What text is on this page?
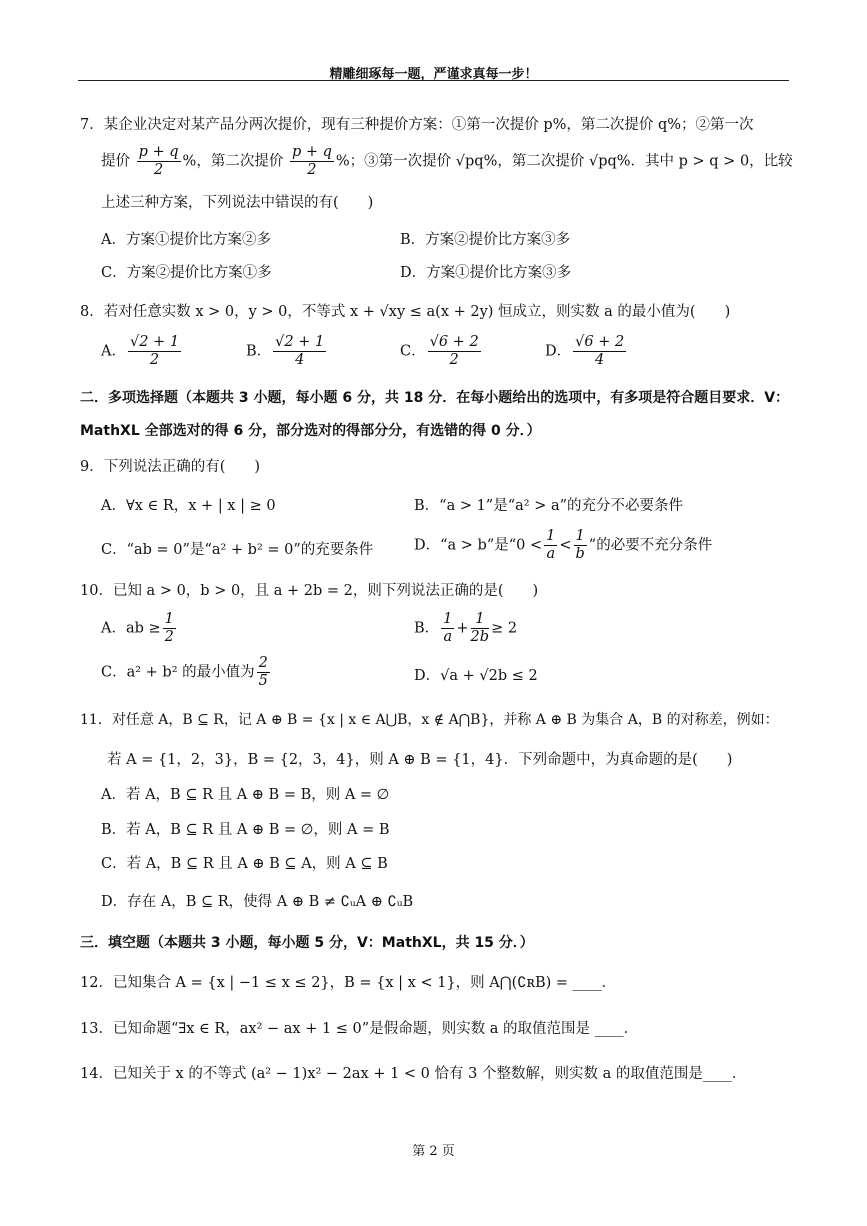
精雕细琢每一题，严谨求真每一步！
7．某企业决定对某产品分两次提价，现有三种提价方案：①第一次提价 p%，第二次提价 q%；②第一次
提价 $\frac{p + q}{2}$ %，第二次提价 $\frac{p + q}{2}$ %；③第一次提价 √pq%，第二次提价 √pq%．其中 p > q > 0，比较
上述三种方案，下列说法中错误的有(　　)
A．方案①提价比方案②多	B．方案②提价比方案③多
C．方案②提价比方案①多	D．方案①提价比方案③多
8．若对任意实数 x > 0，y > 0，不等式 x + √xy ≤ a(x + 2y) 恒成立，则实数 a 的最小值为(　　)
A． $\frac{√2 + 1}{2}$	B． $\frac{√2 + 1}{4}$	C． $\frac{√6 + 2}{2}$	D． $\frac{√6 + 2}{4}$
二．多项选择题（本题共 3 小题，每小题 6 分，共 18 分．在每小题给出的选项中，有多项是符合题目要求．V：
MathXL 全部选对的得 6 分，部分选对的得部分分，有选错的得 0 分．）
9．下列说法正确的有(　　)
A．∀x ∈ R，x + | x | ≥ 0	B．“a > 1”是“a² > a”的充分不必要条件
C．“ab = 0”是“a² + b² = 0”的充要条件	D．“a > b”是“$0 < \frac{1}{a} < \frac{1}{b}$ ”的必要不充分条件
10．已知 a > 0，b > 0，且 a + 2b = 2，则下列说法正确的是(　　)
A．ab ≥ $\frac{1}{2}$	B． $\frac{1}{a} + \frac{1}{2b} \ge 2$
C．a² + b² 的最小值为 $\frac{2}{5}$	D．√a + √2b ≤ 2
11．对任意 A，B ⊆ R，记 A ⊕ B = {x | x ∈ A⋃B，x ∉ A⋂B}，并称 A ⊕ B 为集合 A，B 的对称差，例如：
若 A = {1，2，3}，B = {2，3，4}，则 A ⊕ B = {1，4}．下列命题中，为真命题的是(　　)
A．若 A，B ⊆ R 且 A ⊕ B = B，则 A = ∅
B．若 A，B ⊆ R 且 A ⊕ B = ∅，则 A = B
C．若 A，B ⊆ R 且 A ⊕ B ⊆ A，则 A ⊆ B
D．存在 A，B ⊆ R，使得 A ⊕ B ≠ ∁ᵤA ⊕ ∁ᵤB
三．填空题（本题共 3 小题，每小题 5 分，V：MathXL，共 15 分．）
12．已知集合 A = {x | −1 ≤ x ≤ 2}，B = {x | x < 1}，则 A⋂(∁ʀB) = ____．
13．已知命题“∃x ∈ R，ax² − ax + 1 ≤ 0”是假命题，则实数 a 的取值范围是 ____．
14．已知关于 x 的不等式 (a² − 1)x² − 2ax + 1 < 0 恰有 3 个整数解，则实数 a 的取值范围是____．
第 2 页
